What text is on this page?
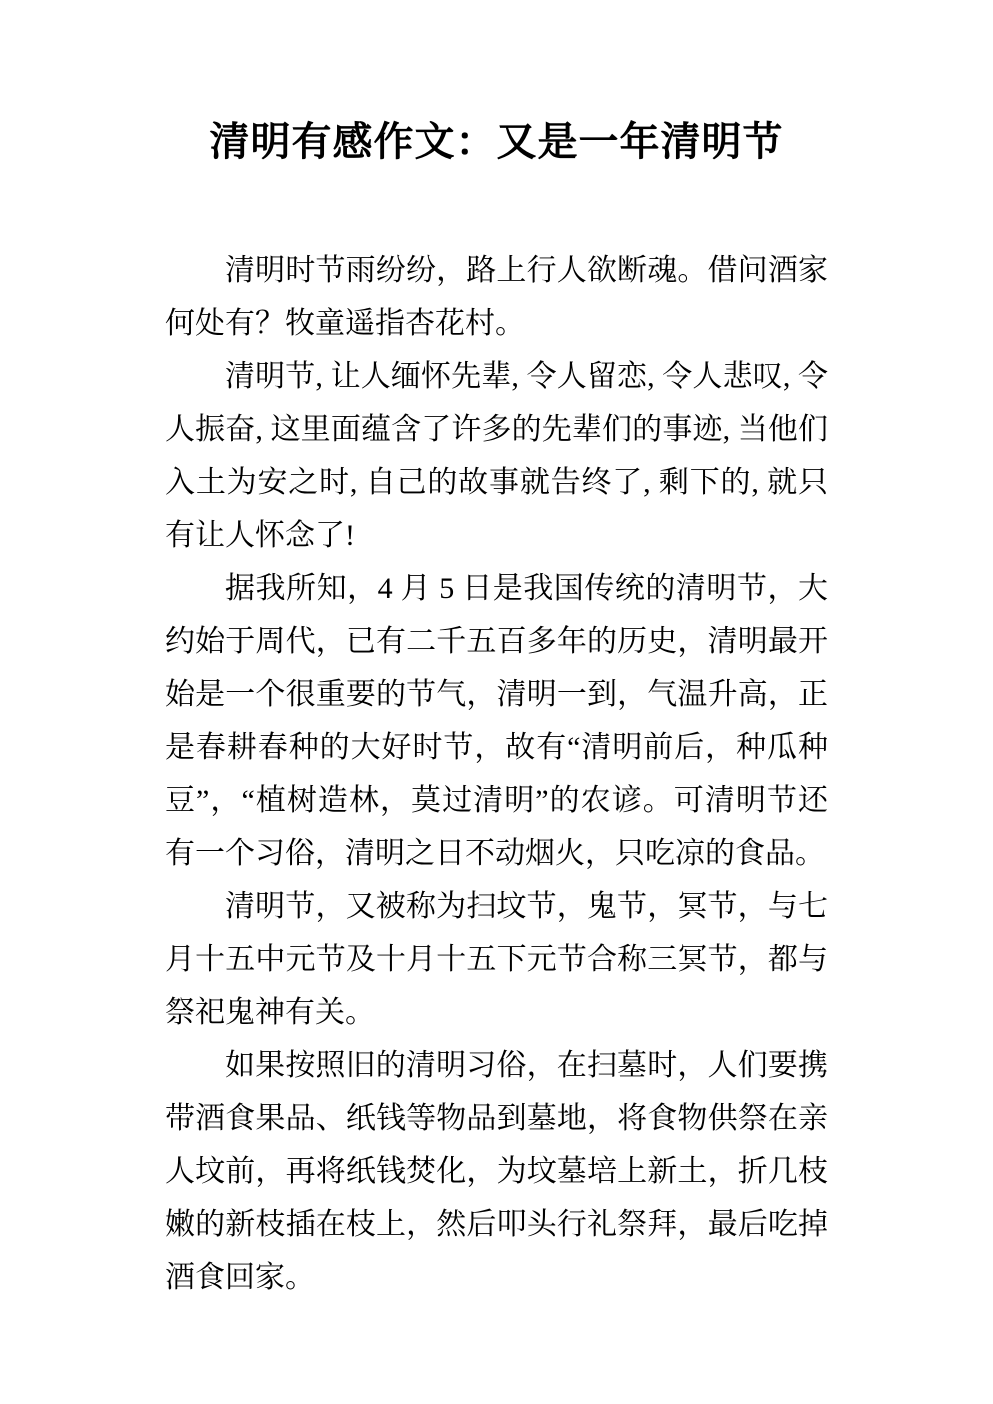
清明有感作文：又是一年清明节

清明时节雨纷纷，路上行人欲断魂。借问酒家何处有？牧童遥指杏花村。

清明节, 让人缅怀先辈, 令人留恋, 令人悲叹, 令人振奋, 这里面蕴含了许多的先辈们的事迹, 当他们入土为安之时, 自己的故事就告终了, 剩下的, 就只有让人怀念了!

据我所知，4 月 5 日是我国传统的清明节，大约始于周代，已有二千五百多年的历史，清明最开始是一个很重要的节气，清明一到，气温升高，正是春耕春种的大好时节，故有“清明前后，种瓜种豆”，“植树造林，莫过清明”的农谚。可清明节还有一个习俗，清明之日不动烟火，只吃凉的食品。

清明节，又被称为扫坟节，鬼节，冥节，与七月十五中元节及十月十五下元节合称三冥节，都与祭祀鬼神有关。

如果按照旧的清明习俗，在扫墓时，人们要携带酒食果品、纸钱等物品到墓地，将食物供祭在亲人坟前，再将纸钱焚化，为坟墓培上新土，折几枝嫩的新枝插在枝上，然后叩头行礼祭拜，最后吃掉酒食回家。
